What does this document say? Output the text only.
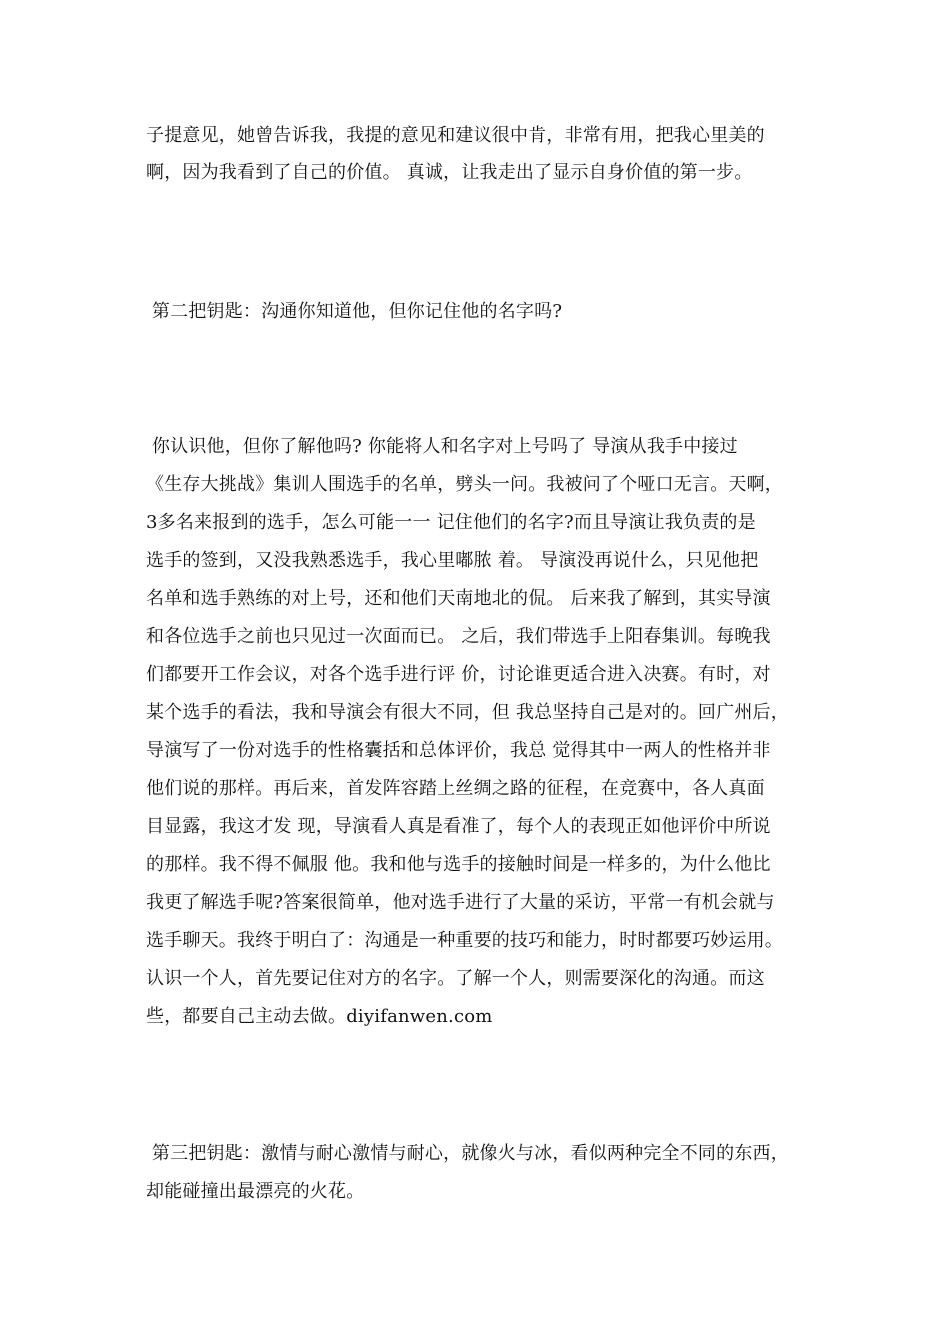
子提意见，她曾告诉我，我提的意见和建议很中肯，非常有用，把我心里美的
啊，因为我看到了自己的价值。 真诚，让我走出了显示自身价值的第一步。
第二把钥匙：沟通你知道他，但你记住他的名字吗?
你认识他，但你了解他吗? 你能将人和名字对上号吗了 导演从我手中接过
《生存大挑战》集训人围选手的名单，劈头一问。我被问了个哑口无言。天啊，
3多名来报到的选手，怎么可能一一 记住他们的名字?而且导演让我负责的是
选手的签到，又没我熟悉选手，我心里嘟脓 着。 导演没再说什么，只见他把
名单和选手熟练的对上号，还和他们天南地北的侃。 后来我了解到，其实导演
和各位选手之前也只见过一次面而已。 之后，我们带选手上阳春集训。每晚我
们都要开工作会议，对各个选手进行评 价，讨论谁更适合进入决赛。有时，对
某个选手的看法，我和导演会有很大不同，但 我总坚持自己是对的。回广州后，
导演写了一份对选手的性格囊括和总体评价，我总 觉得其中一两人的性格并非
他们说的那样。再后来，首发阵容踏上丝绸之路的征程，在竞赛中，各人真面
目显露，我这才发 现，导演看人真是看准了，每个人的表现正如他评价中所说
的那样。我不得不佩服 他。我和他与选手的接触时间是一样多的，为什么他比
我更了解选手呢?答案很简单，他对选手进行了大量的采访，平常一有机会就与
选手聊天。我终于明白了：沟通是一种重要的技巧和能力，时时都要巧妙运用。
认识一个人，首先要记住对方的名字。了解一个人，则需要深化的沟通。而这
些，都要自己主动去做。diyifanwen.com
第三把钥匙：激情与耐心激情与耐心，就像火与冰，看似两种完全不同的东西，
却能碰撞出最漂亮的火花。
